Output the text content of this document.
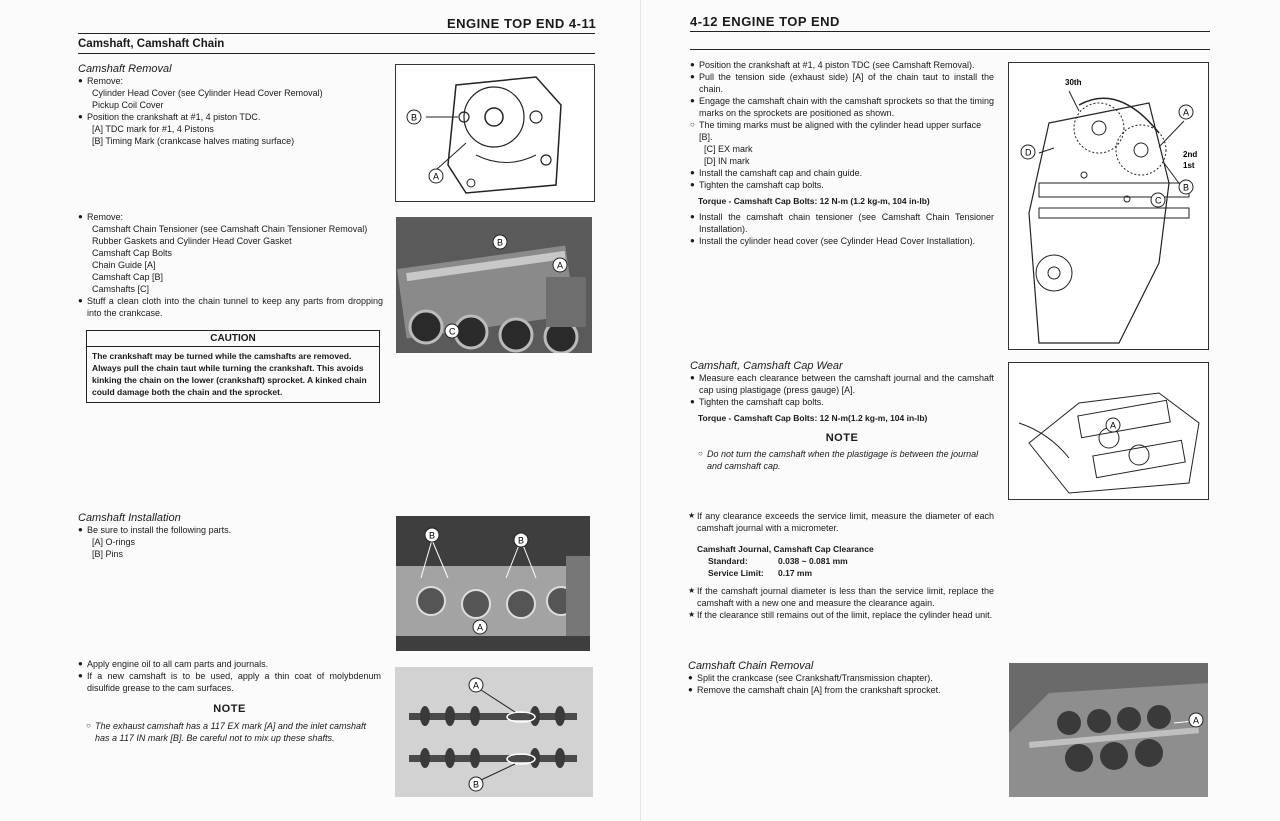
ENGINE TOP END 4-11
Camshaft, Camshaft Chain
Camshaft Removal
● Remove:
Cylinder Head Cover (see Cylinder Head Cover Removal)
Pickup Coil Cover
● Position the crankshaft at #1, 4 piston TDC.
[A] TDC mark for #1, 4 Pistons
[B] Timing Mark (crankcase halves mating surface)
B
A
● Remove:
Camshaft Chain Tensioner (see Camshaft Chain Tensioner Removal)
Rubber Gaskets and Cylinder Head Cover Gasket
Camshaft Cap Bolts
Chain Guide [A]
Camshaft Cap [B]
Camshafts [C]
● Stuff a clean cloth into the chain tunnel to keep any parts from dropping into the crankcase.
B
A
C
CAUTION
The crankshaft may be turned while the camshafts are removed. Always pull the chain taut while turning the crankshaft. This avoids kinking the chain on the lower (crankshaft) sprocket. A kinked chain could damage both the chain and the sprocket.
Camshaft Installation
● Be sure to install the following parts.
[A] O-rings
[B] Pins
B	B
A
● Apply engine oil to all cam parts and journals.
● If a new camshaft is to be used, apply a thin coat of molybdenum disulfide grease to the cam surfaces.
NOTE
○ The exhaust camshaft has a 117 EX mark [A] and the inlet camshaft has a 117 IN mark [B]. Be careful not to mix up these shafts.
A
B
4-12 ENGINE TOP END
● Position the crankshaft at #1, 4 piston TDC (see Camshaft Removal).
● Pull the tension side (exhaust side) [A] of the chain taut to install the chain.
● Engage the camshaft chain with the camshaft sprockets so that the timing marks on the sprockets are positioned as shown.
○ The timing marks must be aligned with the cylinder head upper surface [B].
[C] EX mark
[D] IN mark
● Install the camshaft cap and chain guide.
● Tighten the camshaft cap bolts.
Torque - Camshaft Cap Bolts: 12 N-m (1.2 kg-m, 104 in-lb)
● Install the camshaft chain tensioner (see Camshaft Chain Tensioner Installation).
● Install the cylinder head cover (see Cylinder Head Cover Installation).
30th
2nd
1st
A
B
C
D
Camshaft, Camshaft Cap Wear
● Measure each clearance between the camshaft journal and the camshaft cap using plastigage (press gauge) [A].
● Tighten the camshaft cap bolts.
Torque - Camshaft Cap Bolts: 12 N-m(1.2 kg-m, 104 in-lb)
NOTE
○ Do not turn the camshaft when the plastigage is between the journal and camshaft cap.
A
★ If any clearance exceeds the service limit, measure the diameter of each camshaft journal with a micrometer.
Camshaft Journal, Camshaft Cap Clearance
Standard:	0.038 ~ 0.081 mm
Service Limit:	0.17 mm
★ If the camshaft journal diameter is less than the service limit, replace the camshaft with a new one and measure the clearance again.
★ If the clearance still remains out of the limit, replace the cylinder head unit.
Camshaft Chain Removal
● Split the crankcase (see Crankshaft/Transmission chapter).
● Remove the camshaft chain [A] from the crankshaft sprocket.
A
